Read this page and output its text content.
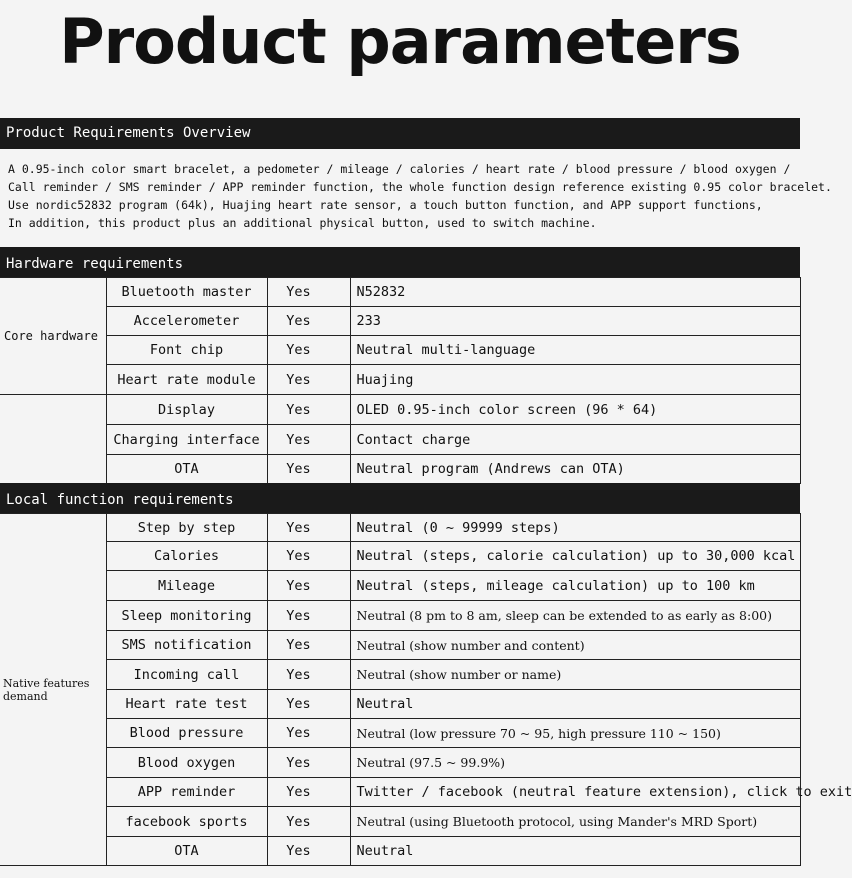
Product parameters
Product Requirements Overview
A 0.95-inch color smart bracelet, a pedometer / mileage / calories / heart rate / blood pressure / blood oxygen /
Call reminder / SMS reminder / APP reminder function, the whole function design reference existing 0.95 color bracelet.
Use nordic52832 program (64k), Huajing heart rate sensor, a touch button function, and APP support functions,
In addition, this product plus an additional physical button, used to switch machine.
Hardware requirements
Core hardware	Bluetooth master	Yes	N52832
	Accelerometer	Yes	233
	Font chip	Yes	Neutral multi-language
	Heart rate module	Yes	Huajing
	Display	Yes	OLED 0.95-inch color screen (96 * 64)
	Charging interface	Yes	Contact charge
	OTA	Yes	Neutral program (Andrews can OTA)
Local function requirements
Native features demand	Step by step	Yes	Neutral (0 ~ 99999 steps)
	Calories	Yes	Neutral (steps, calorie calculation) up to 30,000 kcal
	Mileage	Yes	Neutral (steps, mileage calculation) up to 100 km
	Sleep monitoring	Yes	Neutral (8 pm to 8 am, sleep can be extended to as early as 8:00)
	SMS notification	Yes	Neutral (show number and content)
	Incoming call	Yes	Neutral (show number or name)
	Heart rate test	Yes	Neutral
	Blood pressure	Yes	Neutral (low pressure 70 ~ 95, high pressure 110 ~ 150)
	Blood oxygen	Yes	Neutral (97.5 ~ 99.9%)
	APP reminder	Yes	Twitter / facebook (neutral feature extension), click to exit
	facebook sports	Yes	Neutral (using Bluetooth protocol, using Mander's MRD Sport)
	OTA	Yes	Neutral
